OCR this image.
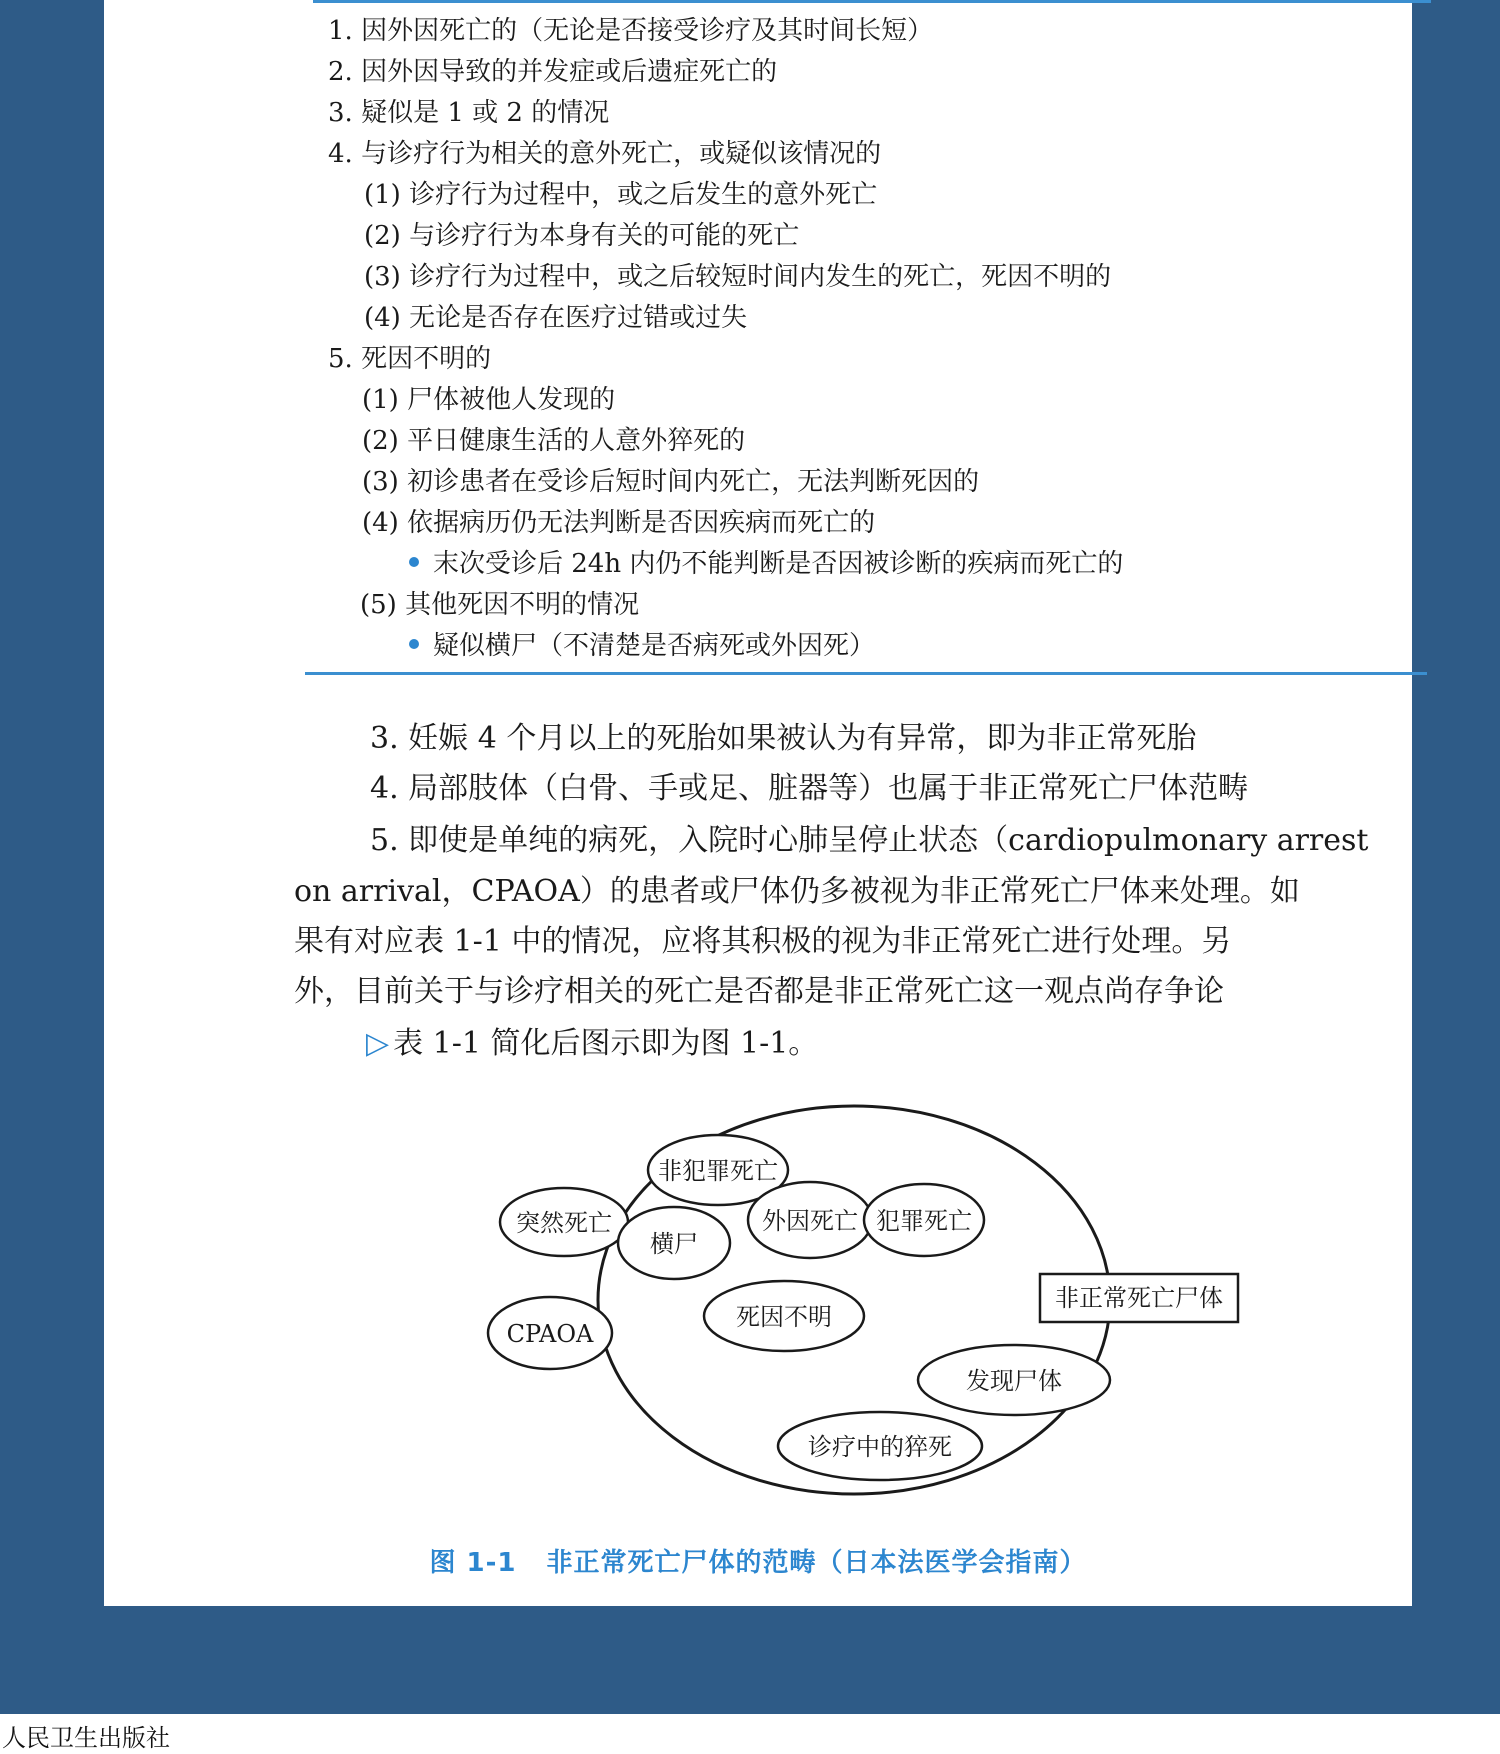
1. 因外因死亡的（无论是否接受诊疗及其时间长短）
2. 因外因导致的并发症或后遗症死亡的
3. 疑似是 1 或 2 的情况
4. 与诊疗行为相关的意外死亡，或疑似该情况的
(1) 诊疗行为过程中，或之后发生的意外死亡
(2) 与诊疗行为本身有关的可能的死亡
(3) 诊疗行为过程中，或之后较短时间内发生的死亡，死因不明的
(4) 无论是否存在医疗过错或过失
5. 死因不明的
(1) 尸体被他人发现的
(2) 平日健康生活的人意外猝死的
(3) 初诊患者在受诊后短时间内死亡，无法判断死因的
(4) 依据病历仍无法判断是否因疾病而死亡的
末次受诊后 24h 内仍不能判断是否因被诊断的疾病而死亡的
(5) 其他死因不明的情况
疑似横尸（不清楚是否病死或外因死）
3. 妊娠 4 个月以上的死胎如果被认为有异常，即为非正常死胎
4. 局部肢体（白骨、手或足、脏器等）也属于非正常死亡尸体范畴
5. 即使是单纯的病死，入院时心肺呈停止状态（cardiopulmonary arrest
on arrival，CPAOA）的患者或尸体仍多被视为非正常死亡尸体来处理。如
果有对应表 1-1 中的情况，应将其积极的视为非正常死亡进行处理。另
外，目前关于与诊疗相关的死亡是否都是非正常死亡这一观点尚存争论
▷ 表 1-1 简化后图示即为图 1-1。
非犯罪死亡
突然死亡
横尸
外因死亡 犯罪死亡
CPAOA
死因不明
发现尸体
诊疗中的猝死
非正常死亡尸体
图 1-1 非正常死亡尸体的范畴（日本法医学会指南）
人民卫生出版社
